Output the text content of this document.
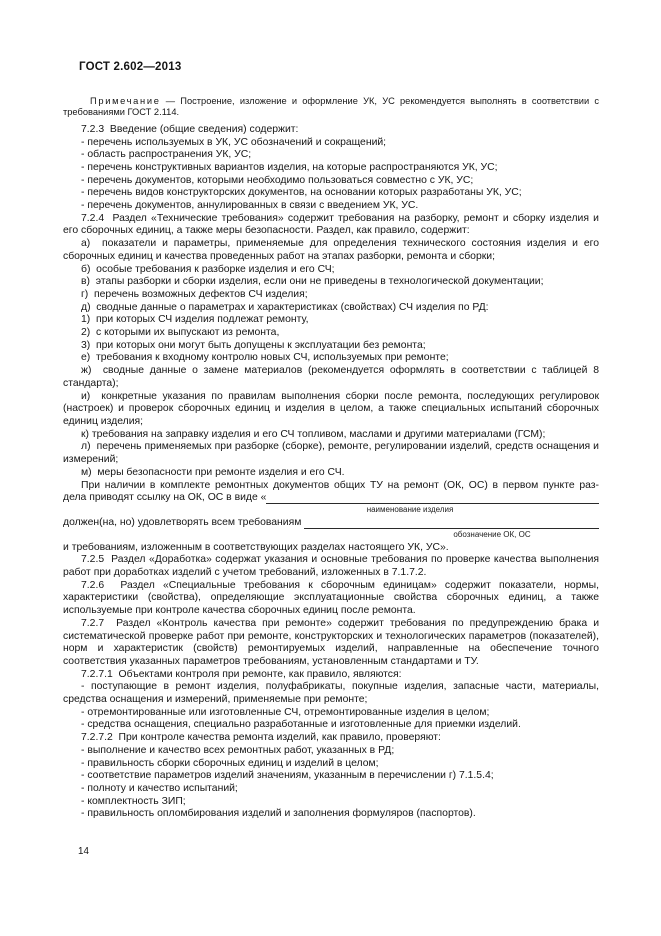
ГОСТ 2.602—2013
Примечание — Построение, изложение и оформление УК, УС рекомендуется выполнять в соответствии с требованиями ГОСТ 2.114.
7.2.3  Введение (общие сведения) содержит:
- перечень используемых в УК, УС обозначений и сокращений;
- область распространения УК, УС;
- перечень конструктивных вариантов изделия, на которые распространяются УК, УС;
- перечень документов, которыми необходимо пользоваться совместно с УК, УС;
- перечень видов конструкторских документов, на основании которых разработаны УК, УС;
- перечень документов, аннулированных в связи с введением УК, УС.
7.2.4  Раздел «Технические требования» содержит требования на разборку, ремонт и сборку изделия и его сборочных единиц, а также меры безопасности. Раздел, как правило, содержит:
а)  показатели и параметры, применяемые для определения технического состояния изделия и его сборочных единиц и качества проведенных работ на этапах разборки, ремонта и сборки;
б)  особые требования к разборке изделия и его СЧ;
в)  этапы разборки и сборки изделия, если они не приведены в технологической документации;
г)  перечень возможных дефектов СЧ изделия;
д)  сводные данные о параметрах и характеристиках (свойствах) СЧ изделия по РД:
1)  при которых СЧ изделия подлежат ремонту,
2)  с которыми их выпускают из ремонта,
3)  при которых они могут быть допущены к эксплуатации без ремонта;
е)  требования к входному контролю новых СЧ, используемых при ремонте;
ж)  сводные данные о замене материалов (рекомендуется оформлять в соответствии с таблицей 8 стандарта);
и)  конкретные указания по правилам выполнения сборки после ремонта, последующих регулировок (настроек) и проверок сборочных единиц и изделия в целом, а также специальных испытаний сборочных единиц изделия;
к) требования на заправку изделия и его СЧ топливом, маслами и другими материалами (ГСМ);
л)  перечень применяемых при разборке (сборке), ремонте, регулировании изделий, средств оснащения и измерений;
м)  меры безопасности при ремонте изделия и его СЧ.
При наличии в комплекте ремонтных документов общих ТУ на ремонт (ОК, ОС) в первом пункте раз-
дела приводят ссылку на ОК, ОС в виде «
наименование изделия
должен(на, но) удовлетворять всем требованиям
обозначение ОК, ОС
и требованиям, изложенным в соответствующих разделах настоящего УК, УС».
7.2.5  Раздел «Доработка» содержат указания и основные требования по проверке качества выполнения работ при доработках изделий с учетом требований, изложенных в 7.1.7.2.
7.2.6  Раздел «Специальные требования к сборочным единицам» содержит показатели, нормы, характеристики (свойства), определяющие эксплуатационные свойства сборочных единиц, а также используемые при контроле качества сборочных единиц после ремонта.
7.2.7  Раздел «Контроль качества при ремонте» содержит требования по предупреждению брака и систематической проверке работ при ремонте, конструкторских и технологических параметров (показателей), норм и характеристик (свойств) ремонтируемых изделий, направленные на обеспечение точного соответствия указанных параметров требованиям, установленным стандартами и ТУ.
7.2.7.1  Объектами контроля при ремонте, как правило, являются:
- поступающие в ремонт изделия, полуфабрикаты, покупные изделия, запасные части, материалы, средства оснащения и измерений, применяемые при ремонте;
- отремонтированные или изготовленные СЧ, отремонтированные изделия в целом;
- средства оснащения, специально разработанные и изготовленные для приемки изделий.
7.2.7.2  При контроле качества ремонта изделий, как правило, проверяют:
- выполнение и качество всех ремонтных работ, указанных в РД;
- правильность сборки сборочных единиц и изделий в целом;
- соответствие параметров изделий значениям, указанным в перечислении г) 7.1.5.4;
- полноту и качество испытаний;
- комплектность ЗИП;
- правильность опломбирования изделий и заполнения формуляров (паспортов).
14
